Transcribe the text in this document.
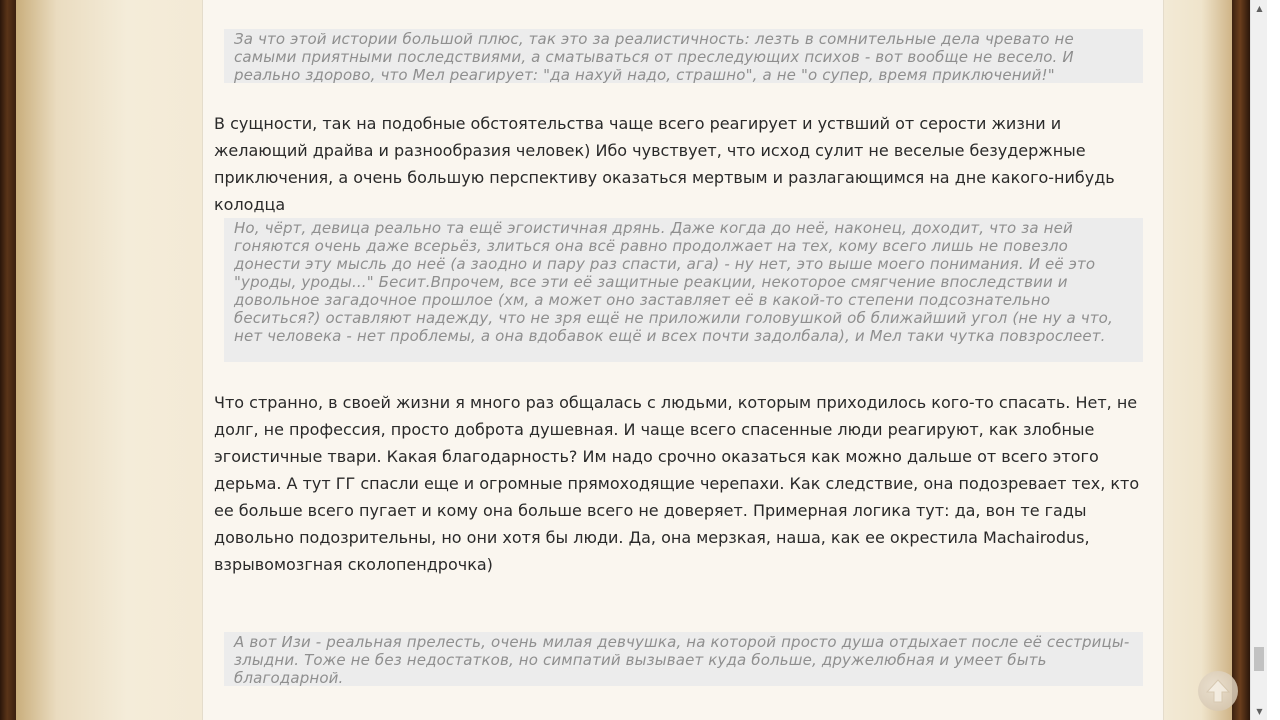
За что этой истории большой плюс, так это за реалистичность: лезть в сомнительные дела чревато не самыми приятными последствиями, а сматываться от преследующих психов - вот вообще не весело. И реально здорово, что Мел реагирует: "да нахуй надо, страшно", а не "о супер, время приключений!"
В сущности, так на подобные обстоятельства чаще всего реагирует и уствший от серости жизни и желающий драйва и разнообразия человек) Ибо чувствует, что исход сулит не веселые безудержные приключения, а очень большую перспективу оказаться мертвым и разлагающимся на дне какого-нибудь колодца
Но, чёрт, девица реально та ещё эгоистичная дрянь. Даже когда до неё, наконец, доходит, что за ней гоняются очень даже всерьёз, злиться она всё равно продолжает на тех, кому всего лишь не повезло донести эту мысль до неё (а заодно и пару раз спасти, ага) - ну нет, это выше моего понимания. И её это "уроды, уроды..." Бесит.Впрочем, все эти её защитные реакции, некоторое смягчение впоследствии и довольное загадочное прошлое (хм, а может оно заставляет её в какой-то степени подсознательно беситься?) оставляют надежду, что не зря ещё не приложили головушкой об ближайший угол (не ну а что, нет человека - нет проблемы, а она вдобавок ещё и всех почти задолбала), и Мел таки чутка повзрослеет.
Что странно, в своей жизни я много раз общалась с людьми, которым приходилось кого-то спасать. Нет, не долг, не профессия, просто доброта душевная. И чаще всего спасенные люди реагируют, как злобные эгоистичные твари. Какая благодарность? Им надо срочно оказаться как можно дальше от всего этого дерьма. А тут ГГ спасли еще и огромные прямоходящие черепахи. Как следствие, она подозревает тех, кто ее больше всего пугает и кому она больше всего не доверяет. Примерная логика тут: да, вон те гады довольно подозрительны, но они хотя бы люди. Да, она мерзкая, наша, как ее окрестила Machairodus, взрывомозгная сколопендрочка)
А вот Изи - реальная прелесть, очень милая девчушка, на которой просто душа отдыхает после её сестрицы-злыдни. Тоже не без недостатков, но симпатий вызывает куда больше, дружелюбная и умеет быть благодарной.
▲
▼
